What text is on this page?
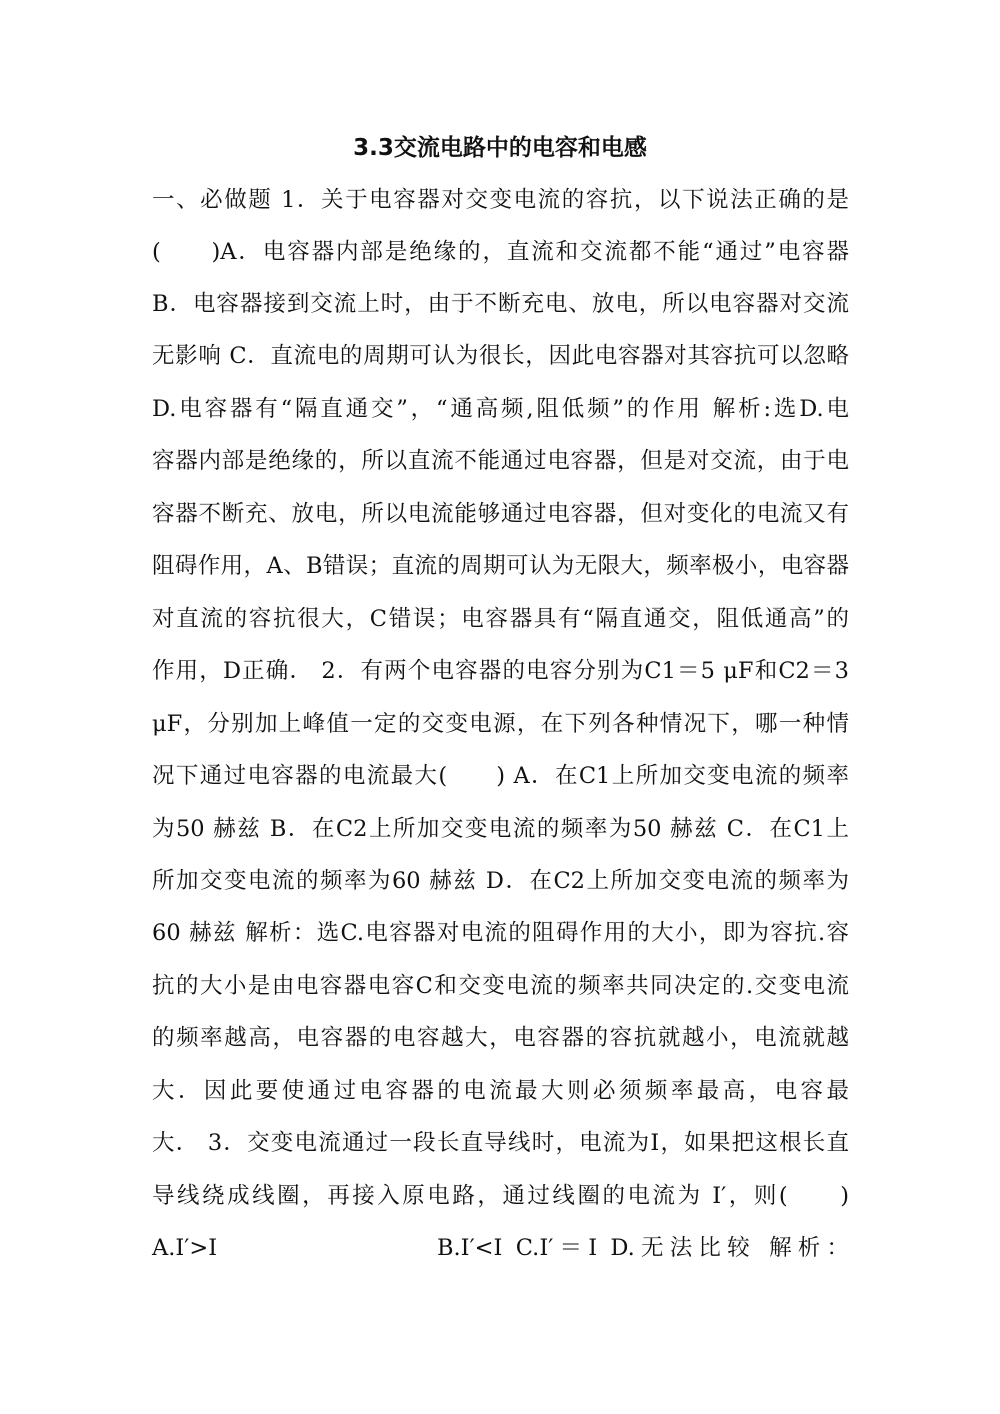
3.3交流电路中的电容和电感
一、必做题 1．关于电容器对交变电流的容抗，以下说法正确的是
(　　)A．电容器内部是绝缘的，直流和交流都不能“通过”电容器
B．电容器接到交流上时，由于不断充电、放电，所以电容器对交流
无影响 C．直流电的周期可认为很长，因此电容器对其容抗可以忽略
D.电容器有“隔直通交”，“通高频,阻低频”的作用 解析:选D.电
容器内部是绝缘的，所以直流不能通过电容器，但是对交流，由于电
容器不断充、放电，所以电流能够通过电容器，但对变化的电流又有
阻碍作用，A、B错误；直流的周期可认为无限大，频率极小，电容器
对直流的容抗很大，C错误；电容器具有“隔直通交，阻低通高”的
作用，D正确． 2．有两个电容器的电容分别为C1＝5 μF和C2＝3
μF，分别加上峰值一定的交变电源，在下列各种情况下，哪一种情
况下通过电容器的电流最大(　　) A．在C1上所加交变电流的频率
为50 赫兹 B．在C2上所加交变电流的频率为50 赫兹 C．在C1上
所加交变电流的频率为60 赫兹 D．在C2上所加交变电流的频率为
60 赫兹 解析：选C.电容器对电流的阻碍作用的大小，即为容抗.容
抗的大小是由电容器电容C和交变电流的频率共同决定的.交变电流
的频率越高，电容器的电容越大，电容器的容抗就越小，电流就越
大．因此要使通过电容器的电流最大则必须频率最高，电容最
大． 3．交变电流通过一段长直导线时，电流为I，如果把这根长直
导线绕成线圈，再接入原电路，通过线圈的电流为 I′，则(　　)
A.I′>I	B.I′<I C.I′＝I D.无法比较 解析：
